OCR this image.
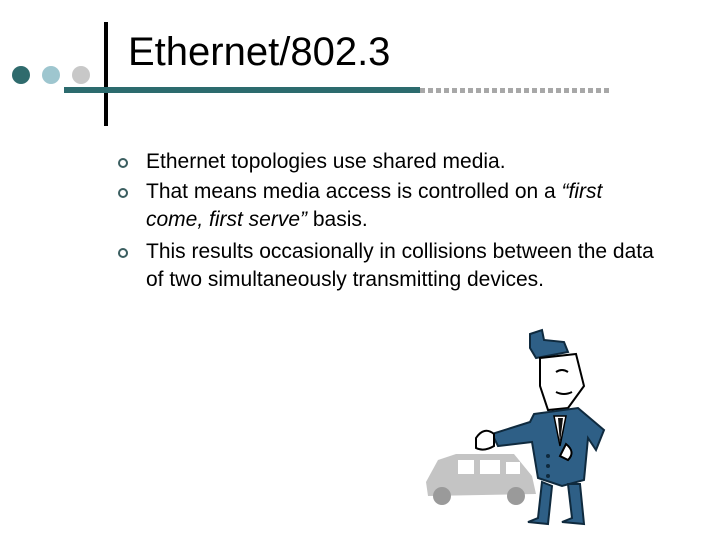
Ethernet/802.3
Ethernet topologies use shared media.
That means media access is controlled on a “first come, first serve” basis.
This results occasionally in collisions between the data of two simultaneously transmitting devices.
